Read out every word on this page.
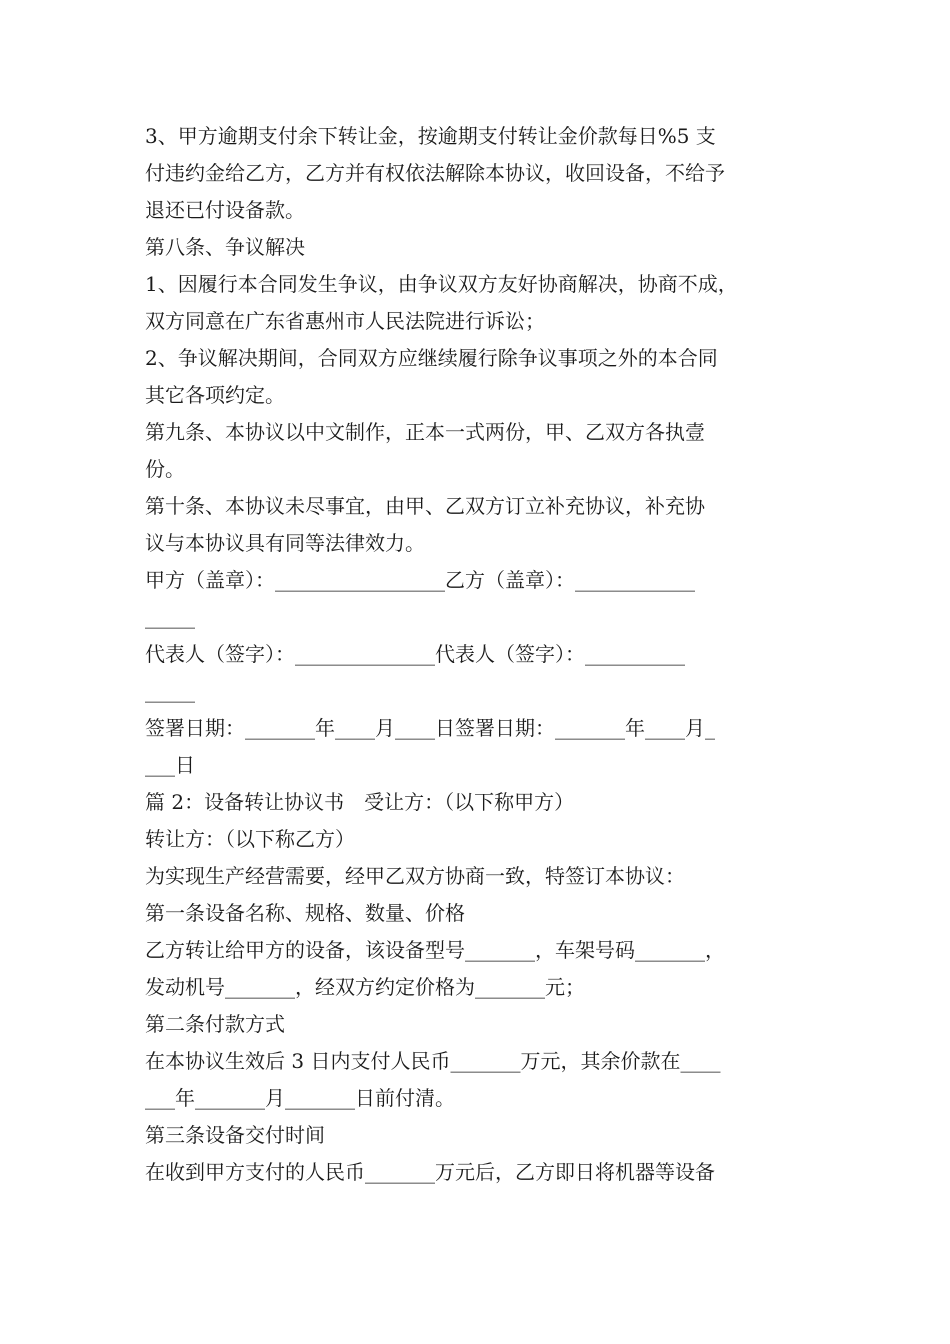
3、甲方逾期支付余下转让金，按逾期支付转让金价款每日%5 支
付违约金给乙方，乙方并有权依法解除本协议，收回设备，不给予
退还已付设备款。
第八条、争议解决
1、因履行本合同发生争议，由争议双方友好协商解决，协商不成，
双方同意在广东省惠州市人民法院进行诉讼；
2、争议解决期间，合同双方应继续履行除争议事项之外的本合同
其它各项约定。
第九条、本协议以中文制作，正本一式两份，甲、乙双方各执壹
份。
第十条、本协议未尽事宜，由甲、乙双方订立补充协议，补充协
议与本协议具有同等法律效力。
甲方（盖章）：_________________乙方（盖章）：____________
_____
代表人（签字）：______________代表人（签字）：__________
_____
签署日期：_______年____月____日签署日期：_______年____月_
___日
篇 2：设备转让协议书　受让方：（以下称甲方）
转让方：（以下称乙方）
为实现生产经营需要，经甲乙双方协商一致，特签订本协议：
第一条设备名称、规格、数量、价格
乙方转让给甲方的设备，该设备型号_______，车架号码_______，
发动机号_______，经双方约定价格为_______元；
第二条付款方式
在本协议生效后 3 日内支付人民币_______万元，其余价款在____
___年_______月_______日前付清。
第三条设备交付时间
在收到甲方支付的人民币_______万元后，乙方即日将机器等设备
